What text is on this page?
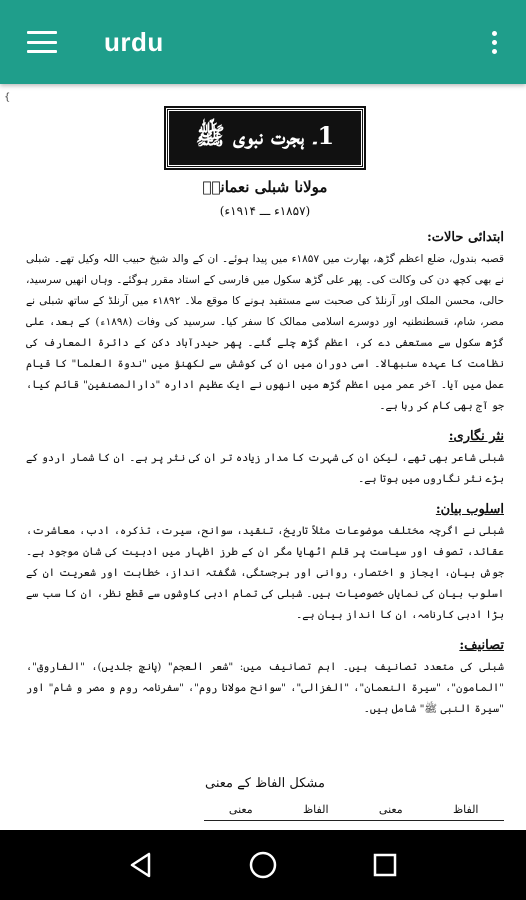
urdu
{
1۔ ہجرت نبوی ﷺ
مولانا شبلی نعمانیؒ
(۱۸۵۷ء ـــ ۱۹۱۴ء)
ابتدائی حالات:

قصبہ بندول، ضلع اعظم گڑھ، بھارت میں ۱۸۵۷ء میں پیدا ہوئے۔ ان کے والد شیخ حبیب اللہ وکیل تھے۔ شبلی نے بھی کچھ دن کی وکالت کی۔ پھر علی گڑھ سکول میں فارسی کے استاد مقرر ہوگئے۔ وہاں انھیں سرسید، حالی، محسن الملک اور آرنلڈ کی صحبت سے مستفید ہونے کا موقع ملا۔ ۱۸۹۲ء میں آرنلڈ کے ساتھ شبلی نے مصر، شام، قسطنطنیہ اور دوسرے اسلامی ممالک کا سفر کیا۔ سرسید کی وفات (۱۸۹۸ء) کے بعد، علی گڑھ سکول سے مستعفی دے کر، اعظم گڑھ چلے گئے۔ پھر حیدرآباد دکن کے دائرۃ المعارف کی نظامت کا عہدہ سنبھالا۔ اسی دوران میں ان کی کوشش سے لکھنؤ میں "ندوۃ العلما" کا قیام عمل میں آیا۔ آخر عمر میں اعظم گڑھ میں انھوں نے ایک عظیم ادارہ "دارالمصنفین" قائم کیا، جو آج بھی کام کر رہا ہے۔

نثر نگاری:

شبلی شاعر بھی تھے، لیکن ان کی شہرت کا مدار زیادہ تر ان کی نثر پر ہے۔ ان کا شمار اردو کے بڑے نثر نگاروں میں ہوتا ہے۔

اسلوب بیان:

شبلی نے اگرچہ مختلف موضوعات مثلاً تاریخ، تنقید، سوانح، سیرت، تذکرہ، ادب، معاشرت، عقائد، تصوف اور سیاست پر قلم اٹھایا مگر ان کے طرز اظہار میں ادبیت کی شان موجود ہے۔ جوش بیان، ایجاز و اختصار، روانی اور برجستگی، شگفتہ انداز، خطابت اور شعریت ان کے اسلوب بیان کی نمایاں خصوصیات ہیں۔ شبلی کی تمام ادبی کاوشوں سے قطع نظر، ان کا سب سے بڑا ادبی کارنامہ، ان کا انداز بیان ہے۔

تصانیف:

شبلی کی متعدد تصانیف ہیں۔ اہم تصانیف میں: "شعر العجم" (پانچ جلدیں)، "الفاروق"، "المامون"، "سیرۃ النعمان"، "الغزالی"، "سوانح مولانا روم"، "سفرنامہ روم و مصر و شام" اور "سیرۃ النبی ﷺ" شامل ہیں۔

مشکل الفاظ کے معنی
الفاظ	معنی	الفاظ	معنی
